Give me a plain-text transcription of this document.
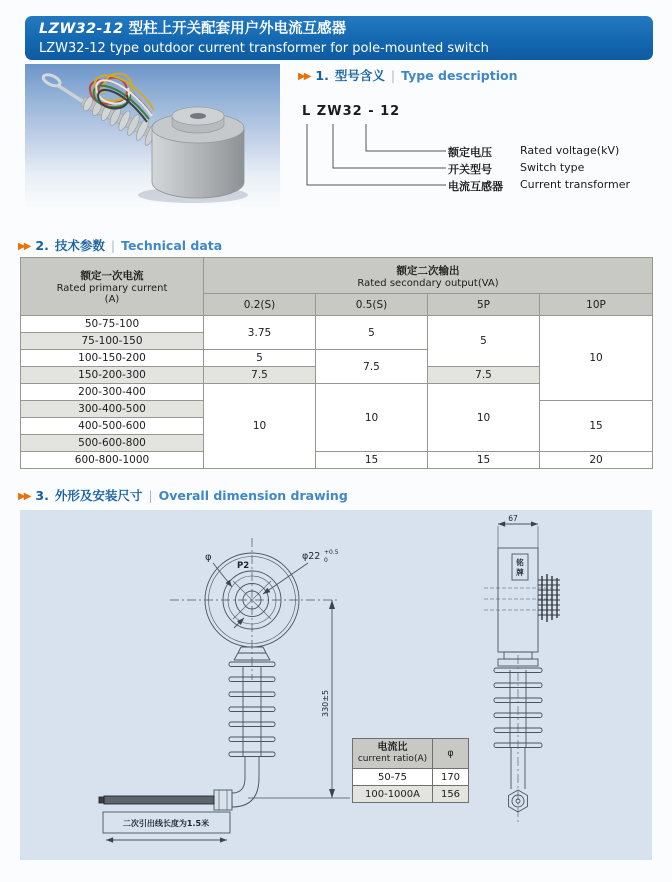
LZW32-12 型柱上开关配套用户外电流互感器
LZW32-12 type outdoor current transformer for pole-mounted switch
▶▶ 1. 型号含义 | Type description
L ZW32 - 12
额定电压	Rated voltage(kV)
开关型号	Switch type
电流互感器 Current transformer
▶▶ 2. 技术参数 | Technical data
额定一次电流
Rated primary current
(A)

额定二次输出
Rated secondary output(VA)

	0.2(S)	0.5(S)	5P	10P
50-75-100	3.75	5	5	10
75-100-150				
100-150-200	5	7.5		
150-200-300	7.5		7.5	
200-300-400	10	10	10	
300-400-500				15
400-500-600				
500-600-800				
600-800-1000		15	15	20
▶▶ 3. 外形及安装尺寸 | Overall dimension drawing
P2
φ	φ22 +0.5
0
330±5
67
铭
牌
二次引出线长度为1.5米
电流比
current ratio(A)	φ
50-75	170
100-1000A	156
